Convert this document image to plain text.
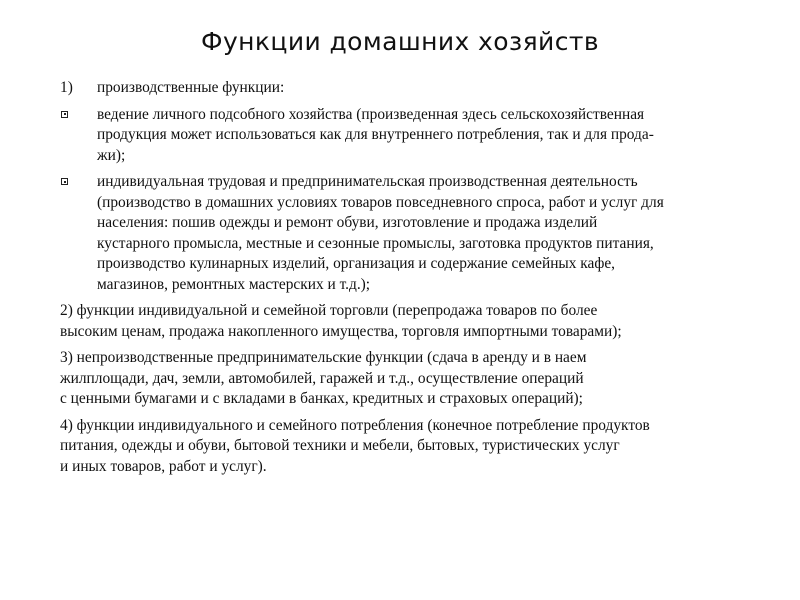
Функции домашних хозяйств
1) производственные функции:
ведение личного подсобного хозяйства (произведенная здесь сельскохозяйственная
продукция может использоваться как для внутреннего потребления, так и для прода-
жи);
индивидуальная трудовая и предпринимательская производственная деятельность
(производство в домашних условиях товаров повседневного спроса, работ и услуг для
населения: пошив одежды и ремонт обуви, изготовление и продажа изделий
кустарного промысла, местные и сезонные промыслы, заготовка продуктов питания,
производство кулинарных изделий, организация и содержание семейных кафе,
магазинов, ремонтных мастерских и т.д.);
2) функции индивидуальной и семейной торговли (перепродажа товаров по более
высоким ценам, продажа накопленного имущества, торговля импортными товарами);
3) непроизводственные предпринимательские функции (сдача в аренду и в наем
жилплощади, дач, земли, автомобилей, гаражей и т.д., осуществление операций
с ценными бумагами и с вкладами в банках, кредитных и страховых операций);
4) функции индивидуального и семейного потребления (конечное потребление продуктов
питания, одежды и обуви, бытовой техники и мебели, бытовых, туристических услуг
и иных товаров, работ и услуг).
